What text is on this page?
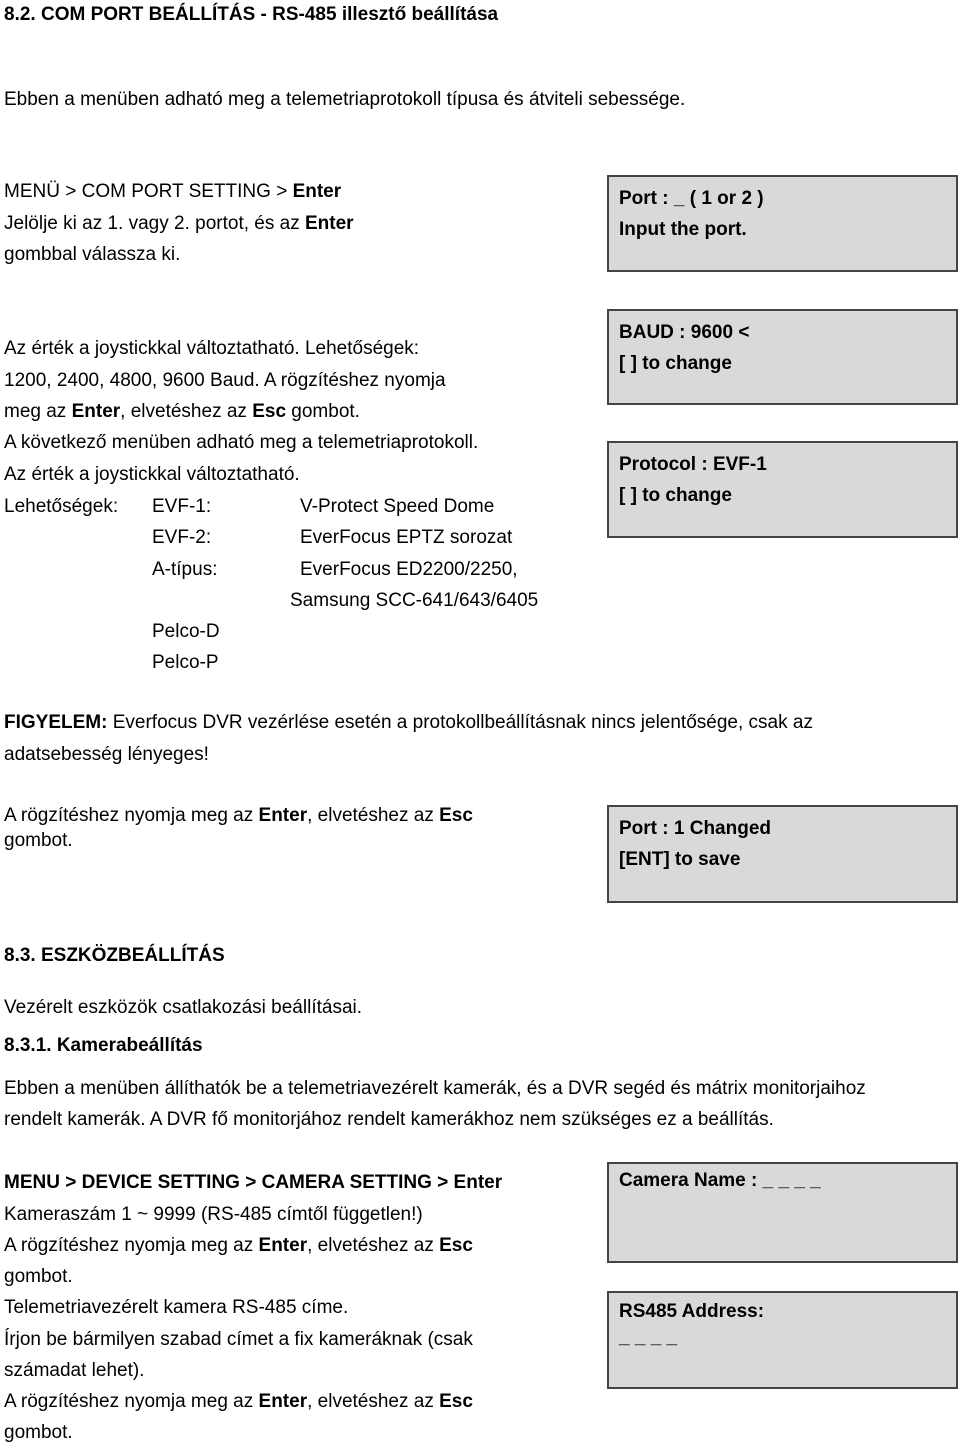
8.2. COM PORT BEÁLLÍTÁS - RS-485 illesztő beállítása
Ebben a menüben adható meg a telemetriaprotokoll típusa és átviteli sebessége.
MENÜ > COM PORT SETTING > Enter
Jelölje ki az 1. vagy 2. portot, és az Enter
gombbal válassza ki.
Port : _ ( 1 or 2 )
Input the port.
Az érték a joystickkal változtatható. Lehetőségek:
1200, 2400, 4800, 9600 Baud. A rögzítéshez nyomja
meg az Enter, elvetéshez az Esc gombot.
A következő menüben adható meg a telemetriaprotokoll.
Az érték a joystickkal változtatható.
Lehetőségek: EVF-1:	V-Protect Speed Dome
EVF-2:	EverFocus EPTZ sorozat
A-típus:	EverFocus ED2200/2250,
Samsung SCC-641/643/6405
Pelco-D
Pelco-P
BAUD : 9600 <
[ ] to change
Protocol : EVF-1
[ ] to change
FIGYELEM: Everfocus DVR vezérlése esetén a protokollbeállításnak nincs jelentősége, csak az
adatsebesség lényeges!
A rögzítéshez nyomja meg az Enter, elvetéshez az Esc
gombot.
Port : 1 Changed
[ENT] to save
8.3. ESZKÖZBEÁLLÍTÁS
Vezérelt eszközök csatlakozási beállításai.
8.3.1. Kamerabeállítás
Ebben a menüben állíthatók be a telemetriavezérelt kamerák, és a DVR segéd és mátrix monitorjaihoz
rendelt kamerák. A DVR fő monitorjához rendelt kamerákhoz nem szükséges ez a beállítás.
MENU > DEVICE SETTING > CAMERA SETTING > Enter
Kameraszám 1 ~ 9999 (RS-485 címtől független!)
A rögzítéshez nyomja meg az Enter, elvetéshez az Esc
gombot.
Telemetriavezérelt kamera RS-485 címe.
Írjon be bármilyen szabad címet a fix kameráknak (csak
számadat lehet).
A rögzítéshez nyomja meg az Enter, elvetéshez az Esc
gombot.
Camera Name : _ _ _ _
RS485 Address:
_ _ _ _
